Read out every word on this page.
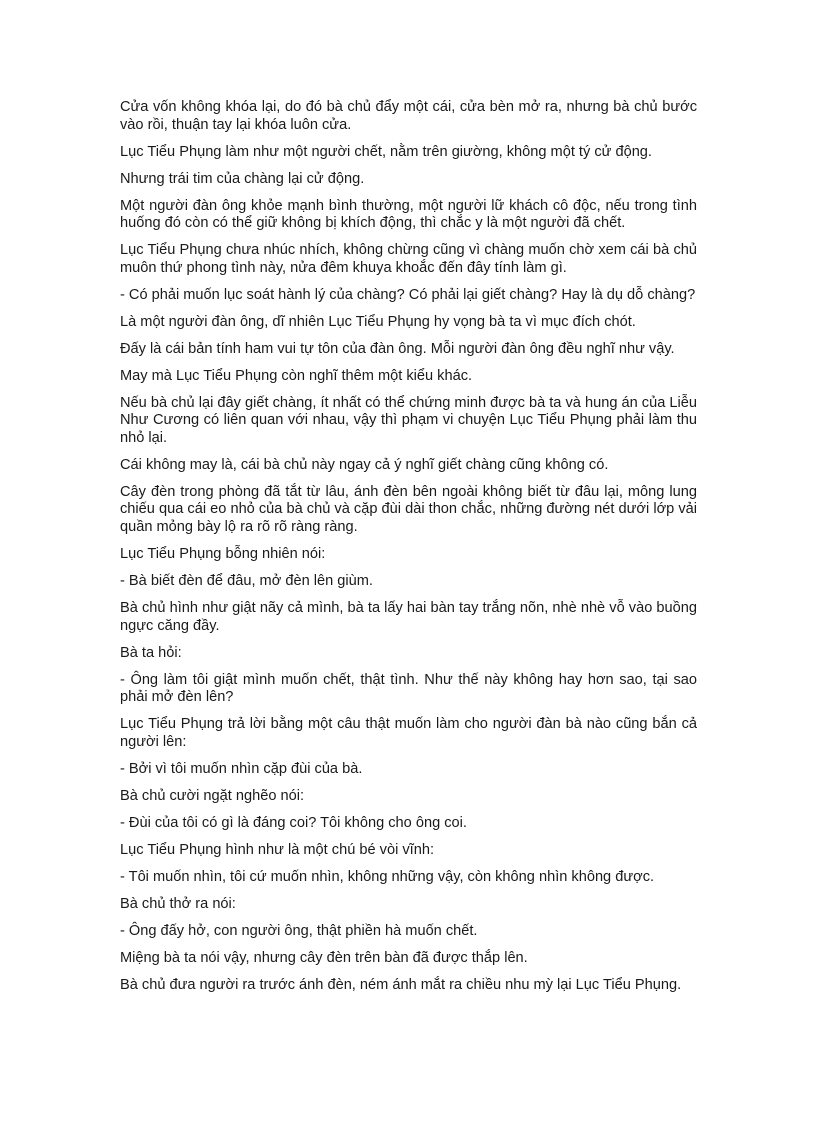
Cửa vốn không khóa lại, do đó bà chủ đẩy một cái, cửa bèn mở ra, nhưng bà chủ bước vào rồi, thuận tay lại khóa luôn cửa.

Lục Tiểu Phụng làm như một người chết, nằm trên giường, không một tý cử động.

Nhưng trái tim của chàng lại cử động.

Một người đàn ông khỏe mạnh bình thường, một người lữ khách cô độc, nếu trong tình huống đó còn có thể giữ không bị khích động, thì chắc y là một người đã chết.

Lục Tiểu Phụng chưa nhúc nhích, không chừng cũng vì chàng muốn chờ xem cái bà chủ muôn thứ phong tình này, nửa đêm khuya khoắc đến đây tính làm gì.

- Có phải muốn lục soát hành lý của chàng? Có phải lại giết chàng? Hay là dụ dỗ chàng?

Là một người đàn ông, dĩ nhiên Lục Tiểu Phụng hy vọng bà ta vì mục đích chót.

Đấy là cái bản tính ham vui tự tôn của đàn ông. Mỗi người đàn ông đều nghĩ như vậy.

May mà Lục Tiểu Phụng còn nghĩ thêm một kiểu khác.

Nếu bà chủ lại đây giết chàng, ít nhất có thể chứng minh được bà ta và hung án của Liễu Như Cương có liên quan với nhau, vậy thì phạm vi chuyện Lục Tiểu Phụng phải làm thu nhỏ lại.

Cái không may là, cái bà chủ này ngay cả ý nghĩ giết chàng cũng không có.

Cây đèn trong phòng đã tắt từ lâu, ánh đèn bên ngoài không biết từ đâu lại, mông lung chiếu qua cái eo nhỏ của bà chủ và cặp đùi dài thon chắc, những đường nét dưới lớp vải quần mỏng bày lộ ra rõ rõ ràng ràng.

Lục Tiểu Phụng bỗng nhiên nói:

- Bà biết đèn để đâu, mở đèn lên giùm.

Bà chủ hình như giật nãy cả mình, bà ta lấy hai bàn tay trắng nõn, nhè nhè vỗ vào buồng ngực căng đầy.

Bà ta hỏi:

- Ông làm tôi giật mình muốn chết, thật tình. Như thế này không hay hơn sao, tại sao phải mở đèn lên?

Lục Tiểu Phụng trả lời bằng một câu thật muốn làm cho người đàn bà nào cũng bắn cả người lên:

- Bởi vì tôi muốn nhìn cặp đùi của bà.

Bà chủ cười ngặt nghẽo nói:

- Đùi của tôi có gì là đáng coi? Tôi không cho ông coi.

Lục Tiểu Phụng hình như là một chú bé vòi vĩnh:

- Tôi muốn nhìn, tôi cứ muốn nhìn, không những vậy, còn không nhìn không được.

Bà chủ thở ra nói:

- Ông đấy hở, con người ông, thật phiền hà muốn chết.

Miệng bà ta nói vậy, nhưng cây đèn trên bàn đã được thắp lên.

Bà chủ đưa người ra trước ánh đèn, ném ánh mắt ra chiều nhu mỳ lại Lục Tiểu Phụng.
